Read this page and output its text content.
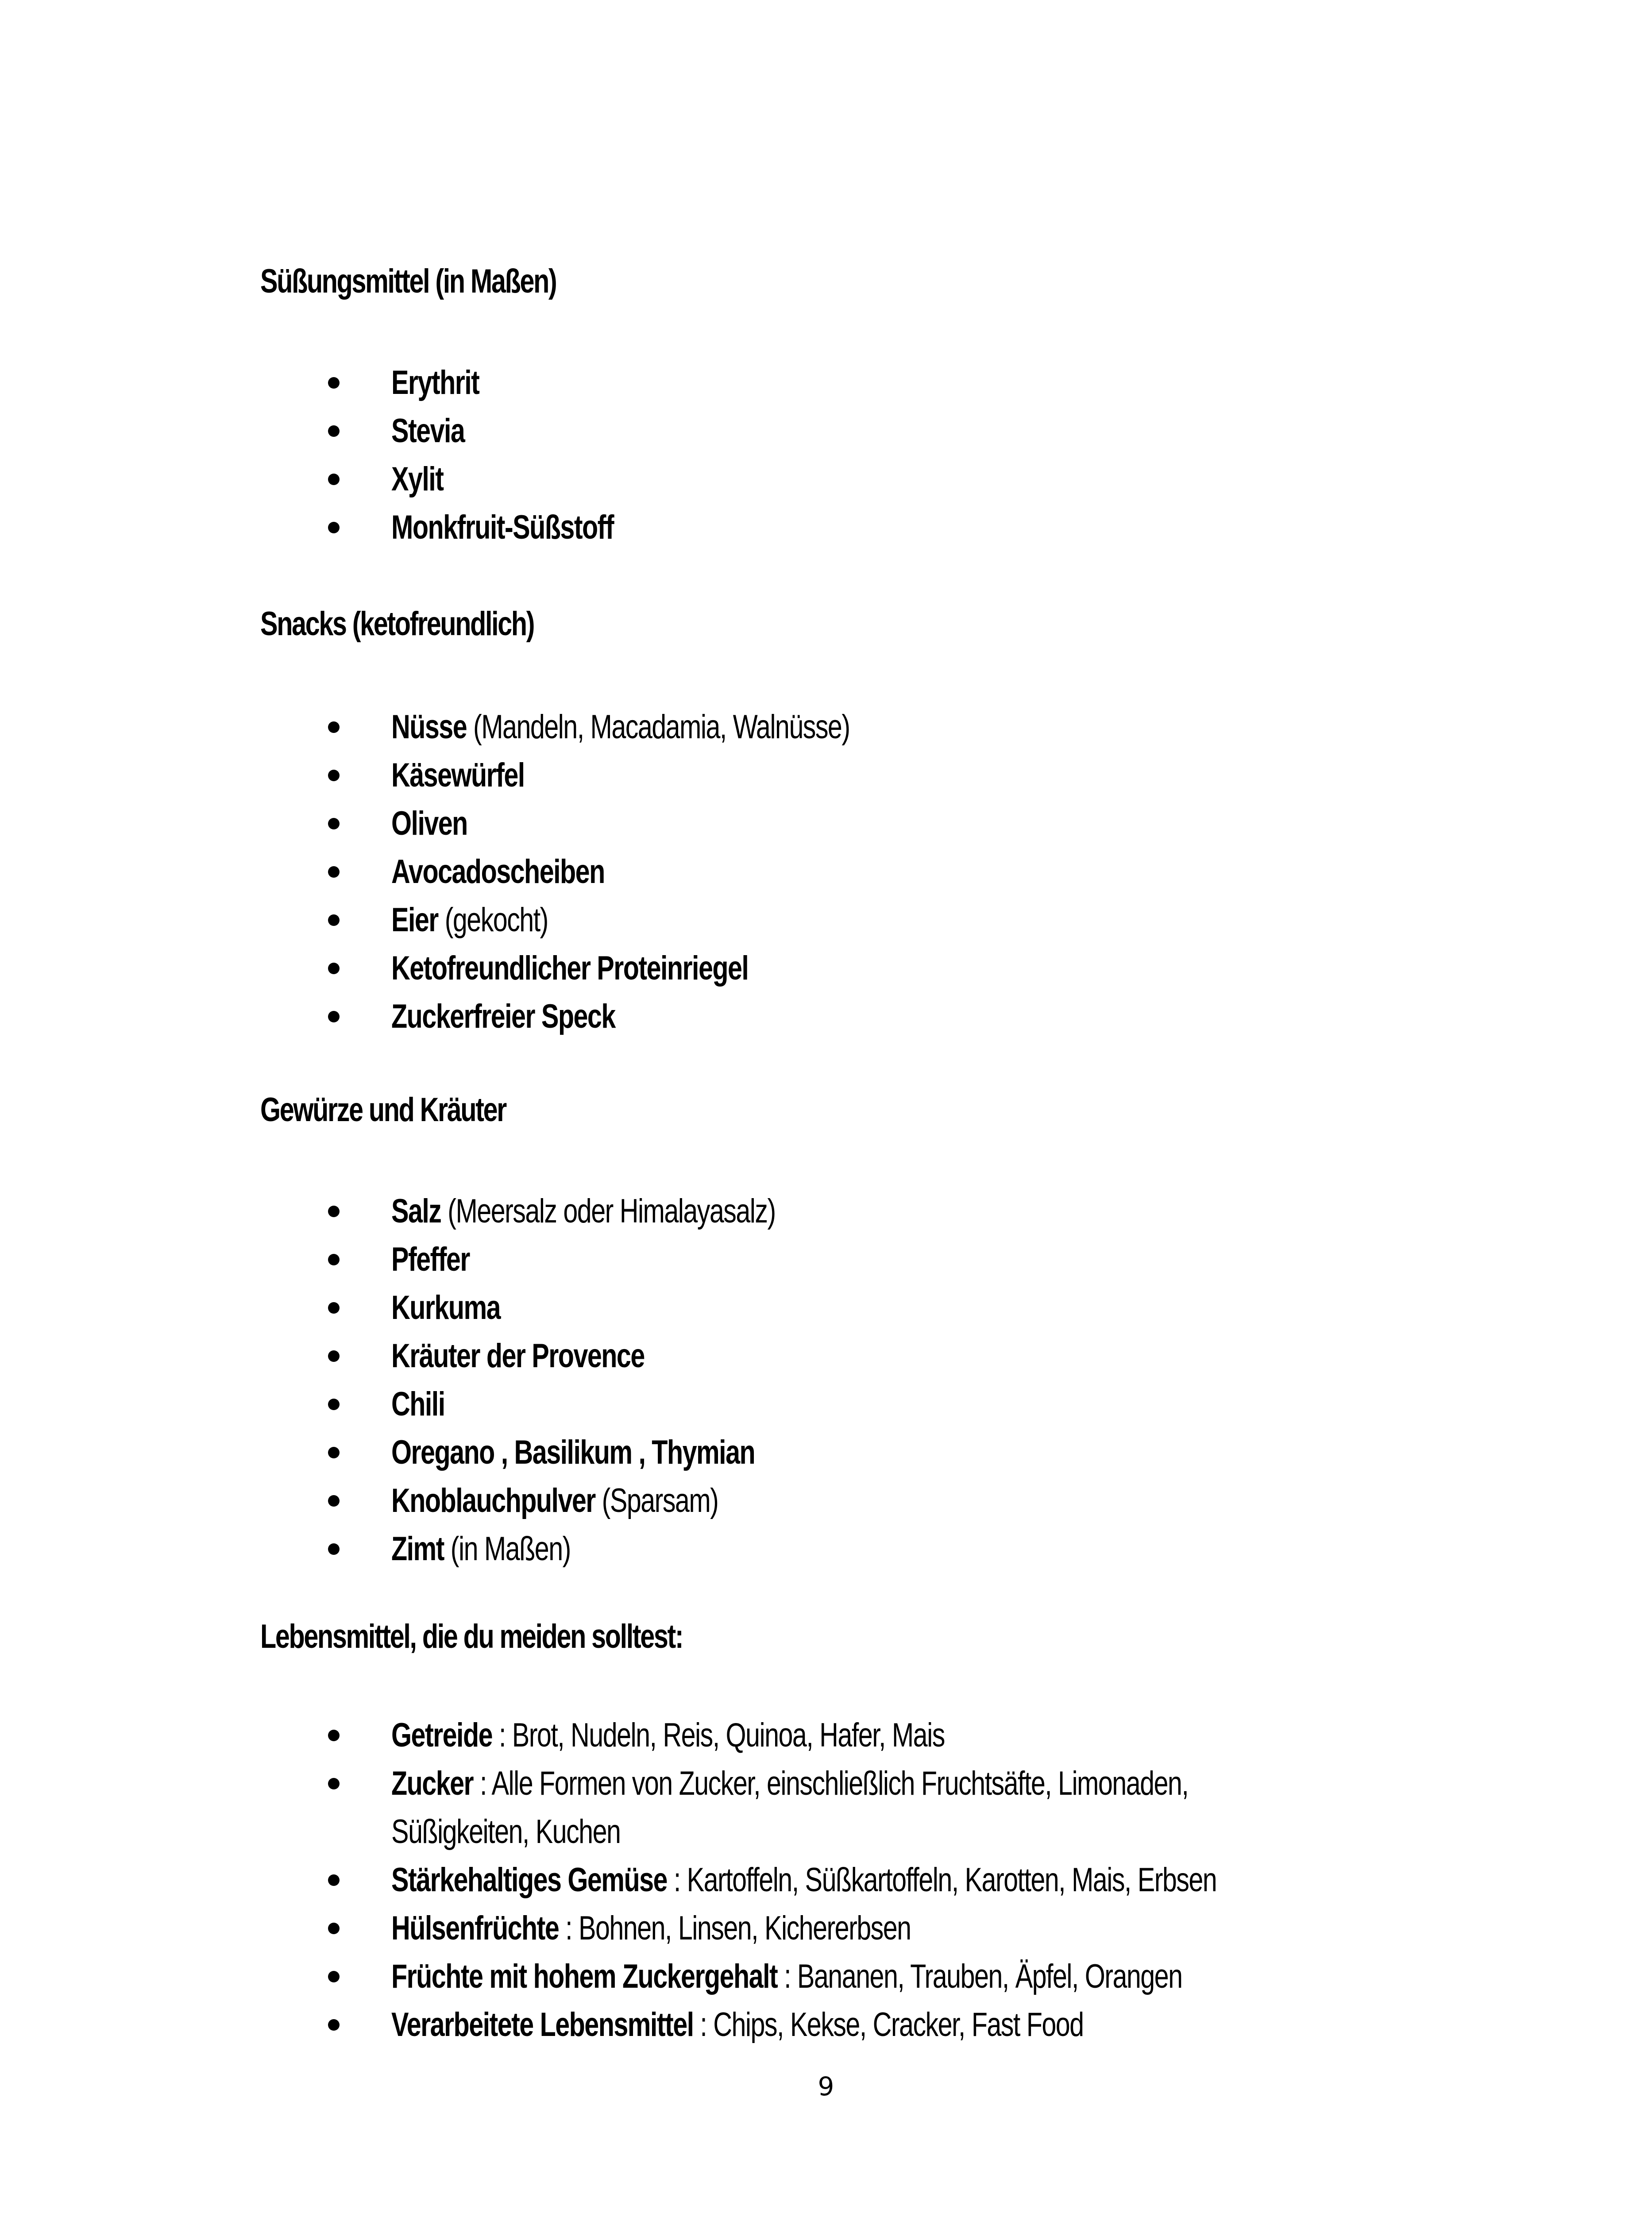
Süßungsmittel (in Maßen)
Erythrit
Stevia
Xylit
Monkfruit-Süßstoff
Snacks (ketofreundlich)
Nüsse (Mandeln, Macadamia, Walnüsse)
Käsewürfel
Oliven
Avocadoscheiben
Eier (gekocht)
Ketofreundlicher Proteinriegel
Zuckerfreier Speck
Gewürze und Kräuter
Salz (Meersalz oder Himalayasalz)
Pfeffer
Kurkuma
Kräuter der Provence
Chili
Oregano , Basilikum , Thymian
Knoblauchpulver (Sparsam)
Zimt (in Maßen)
Lebensmittel, die du meiden solltest:
Getreide : Brot, Nudeln, Reis, Quinoa, Hafer, Mais
Zucker : Alle Formen von Zucker, einschließlich Fruchtsäfte, Limonaden,
Süßigkeiten, Kuchen
Stärkehaltiges Gemüse : Kartoffeln, Süßkartoffeln, Karotten, Mais, Erbsen
Hülsenfrüchte : Bohnen, Linsen, Kichererbsen
Früchte mit hohem Zuckergehalt : Bananen, Trauben, Äpfel, Orangen
Verarbeitete Lebensmittel : Chips, Kekse, Cracker, Fast Food
9
